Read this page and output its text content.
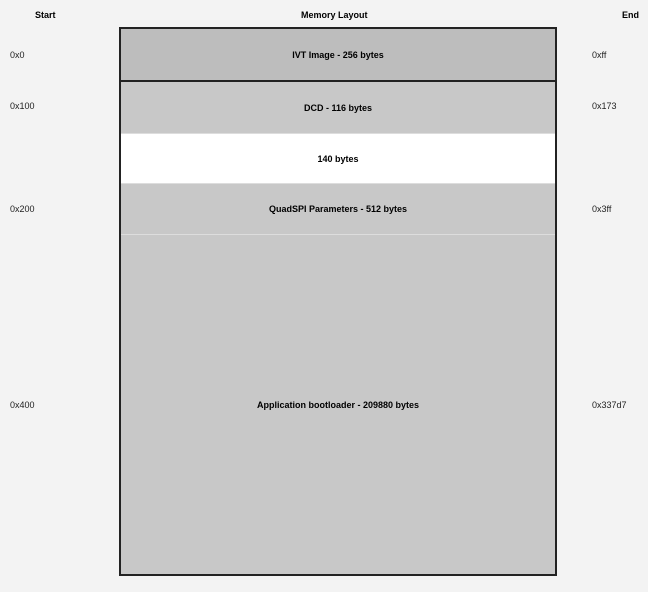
Start	Memory Layout	End
0x0
0x100
0x200
0x400
0xff
0x173
0x3ff
0x337d7
IVT Image - 256 bytes
DCD - 116 bytes
140 bytes
QuadSPI Parameters - 512 bytes
Application bootloader - 209880 bytes
